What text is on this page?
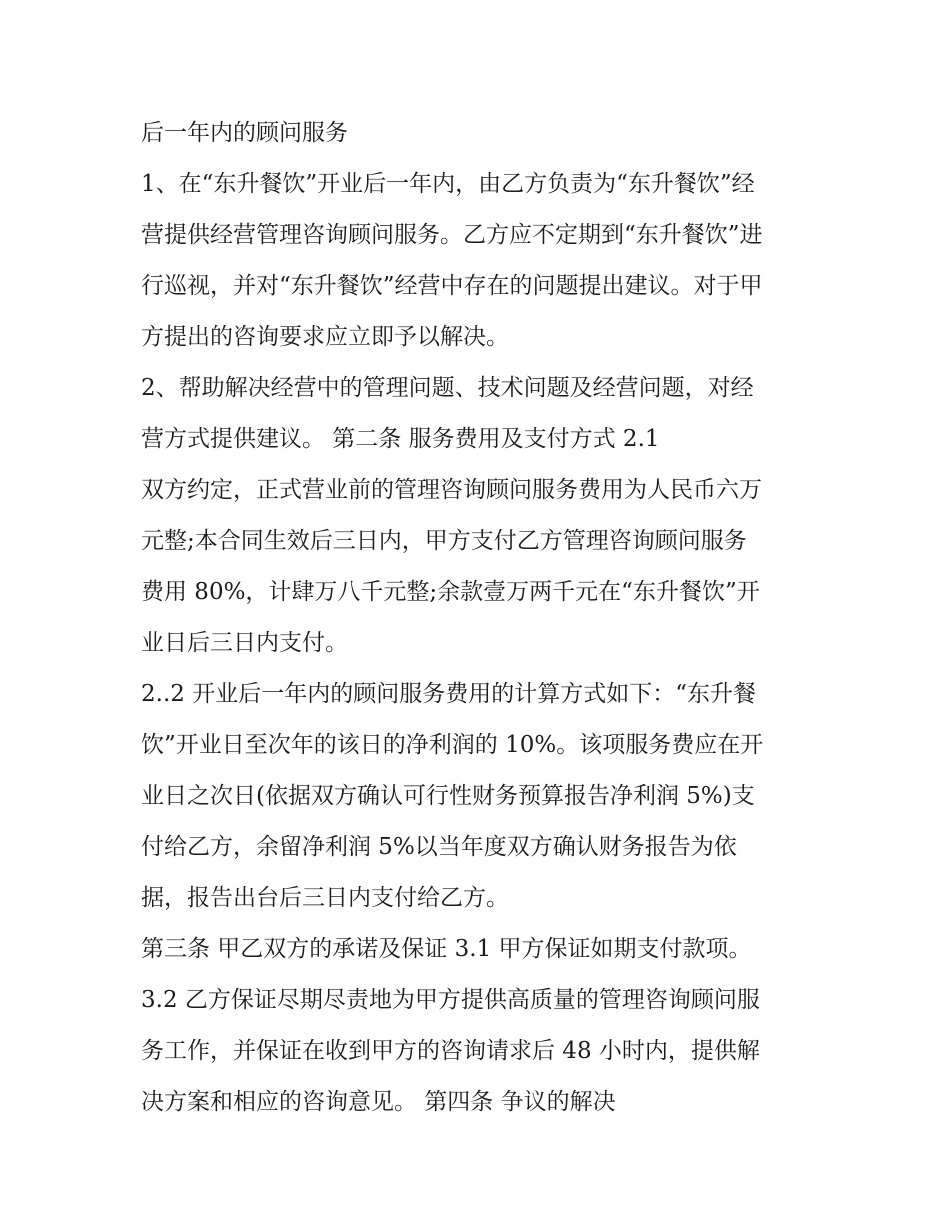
后一年内的顾问服务
1、在“东升餐饮”开业后一年内，由乙方负责为“东升餐饮”经
营提供经营管理咨询顾问服务。乙方应不定期到“东升餐饮”进
行巡视，并对“东升餐饮”经营中存在的问题提出建议。对于甲
方提出的咨询要求应立即予以解决。
2、帮助解决经营中的管理问题、技术问题及经营问题，对经
营方式提供建议。 第二条 服务费用及支付方式 2.1
双方约定，正式营业前的管理咨询顾问服务费用为人民币六万
元整;本合同生效后三日内，甲方支付乙方管理咨询顾问服务
费用 80%，计肆万八千元整;余款壹万两千元在“东升餐饮”开
业日后三日内支付。
2..2 开业后一年内的顾问服务费用的计算方式如下：“东升餐
饮”开业日至次年的该日的净利润的 10%。该项服务费应在开
业日之次日(依据双方确认可行性财务预算报告净利润 5%)支
付给乙方，余留净利润 5%以当年度双方确认财务报告为依
据，报告出台后三日内支付给乙方。
第三条 甲乙双方的承诺及保证 3.1 甲方保证如期支付款项。
3.2 乙方保证尽期尽责地为甲方提供高质量的管理咨询顾问服
务工作，并保证在收到甲方的咨询请求后 48 小时内，提供解
决方案和相应的咨询意见。 第四条 争议的解决
